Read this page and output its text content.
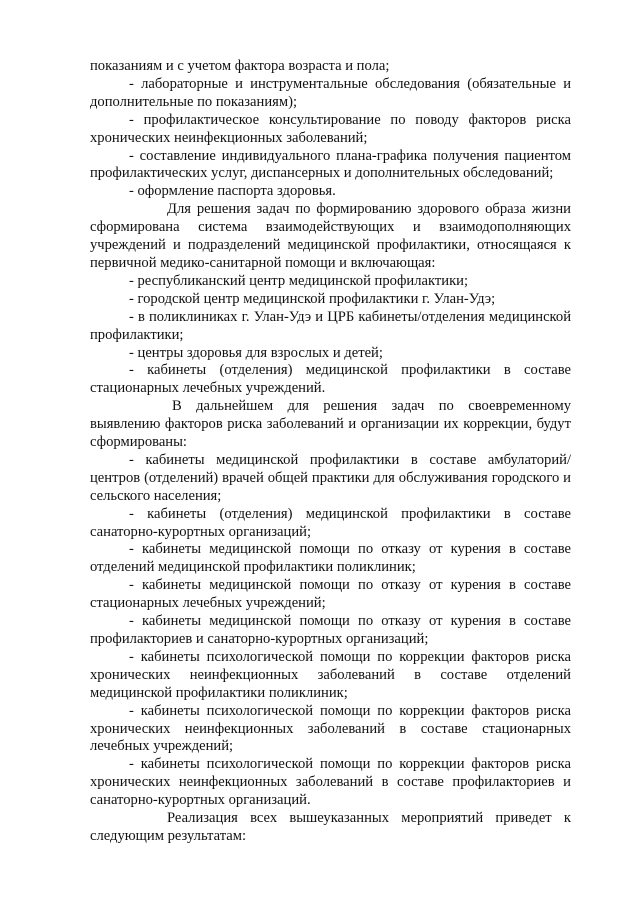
показаниям и с учетом фактора возраста и пола;

- лабораторные и инструментальные обследования (обязательные и дополнительные по показаниям);

- профилактическое консультирование по поводу факторов риска хронических неинфекционных заболеваний;

- составление индивидуального плана-графика получения пациентом профилактических услуг, диспансерных и дополнительных обследований;

- оформление паспорта здоровья.

Для решения задач по формированию здорового образа жизни сформирована система взаимодействующих и взаимодополняющих учреждений и подразделений медицинской профилактики, относящаяся к первичной медико-санитарной помощи и включающая:

- республиканский центр медицинской профилактики;

- городской центр медицинской профилактики г. Улан-Удэ;

- в поликлиниках г. Улан-Удэ и ЦРБ кабинеты/отделения медицинской профилактики;

- центры здоровья для взрослых и детей;

- кабинеты (отделения) медицинской профилактики в составе стационарных лечебных учреждений.

В дальнейшем для решения задач по своевременному выявлению факторов риска заболеваний и организации их коррекции, будут сформированы:

- кабинеты медицинской профилактики в составе амбулаторий/центров (отделений) врачей общей практики для обслуживания городского и сельского населения;

- кабинеты (отделения) медицинской профилактики в составе санаторно-курортных организаций;

- кабинеты медицинской помощи по отказу от курения в составе отделений медицинской профилактики поликлиник;

- кабинеты медицинской помощи по отказу от курения в составе стационарных лечебных учреждений;

- кабинеты медицинской помощи по отказу от курения в составе профилакториев и санаторно-курортных организаций;

- кабинеты психологической помощи по коррекции факторов риска хронических неинфекционных заболеваний в составе отделений медицинской профилактики поликлиник;

- кабинеты психологической помощи по коррекции факторов риска хронических неинфекционных заболеваний в составе стационарных лечебных учреждений;

- кабинеты психологической помощи по коррекции факторов риска хронических неинфекционных заболеваний в составе профилакториев и санаторно-курортных организаций.

Реализация всех вышеуказанных мероприятий приведет к следующим результатам:
